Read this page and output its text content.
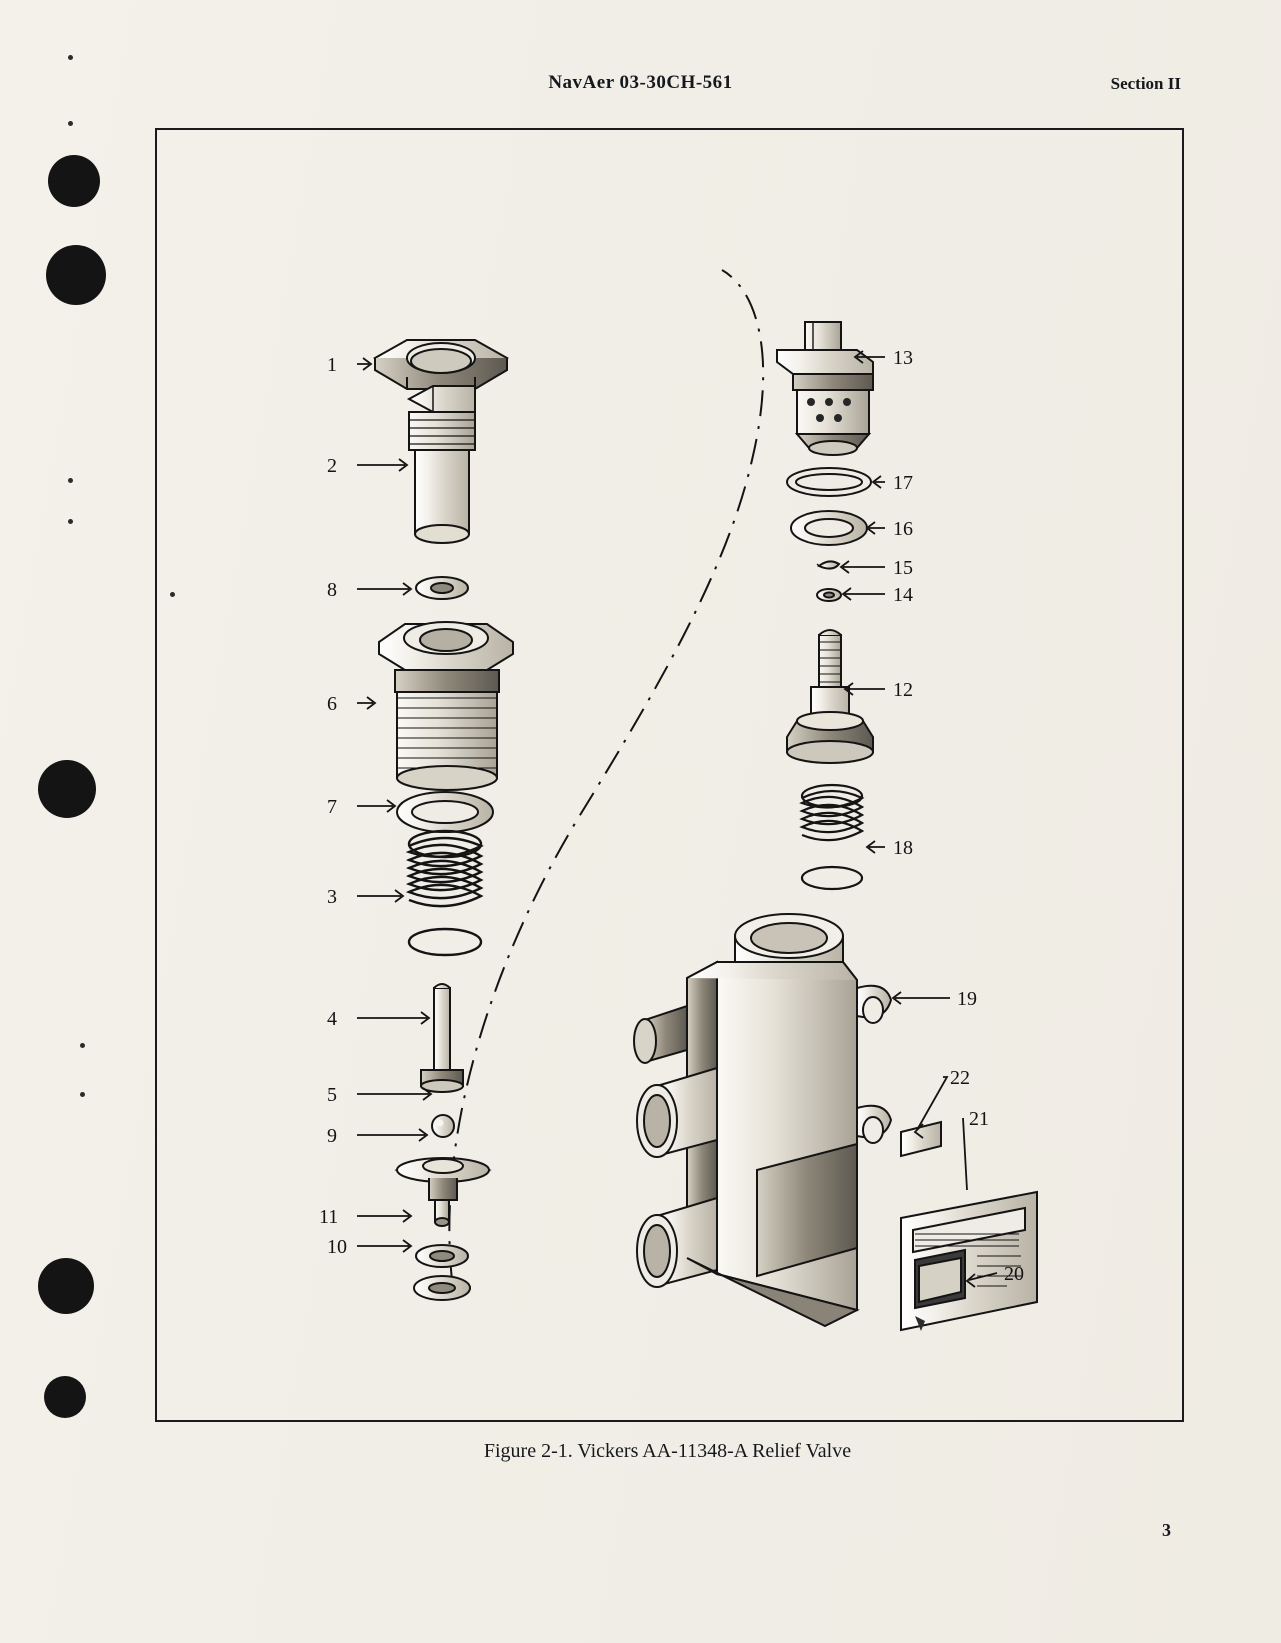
NavAer 03-30CH-561	Section II
1
2
8
6
7
3
4
5
9
11
10
13
17
16
15
14
12
18
19
22
21
20
Figure 2-1. Vickers AA-11348-A Relief Valve
3
